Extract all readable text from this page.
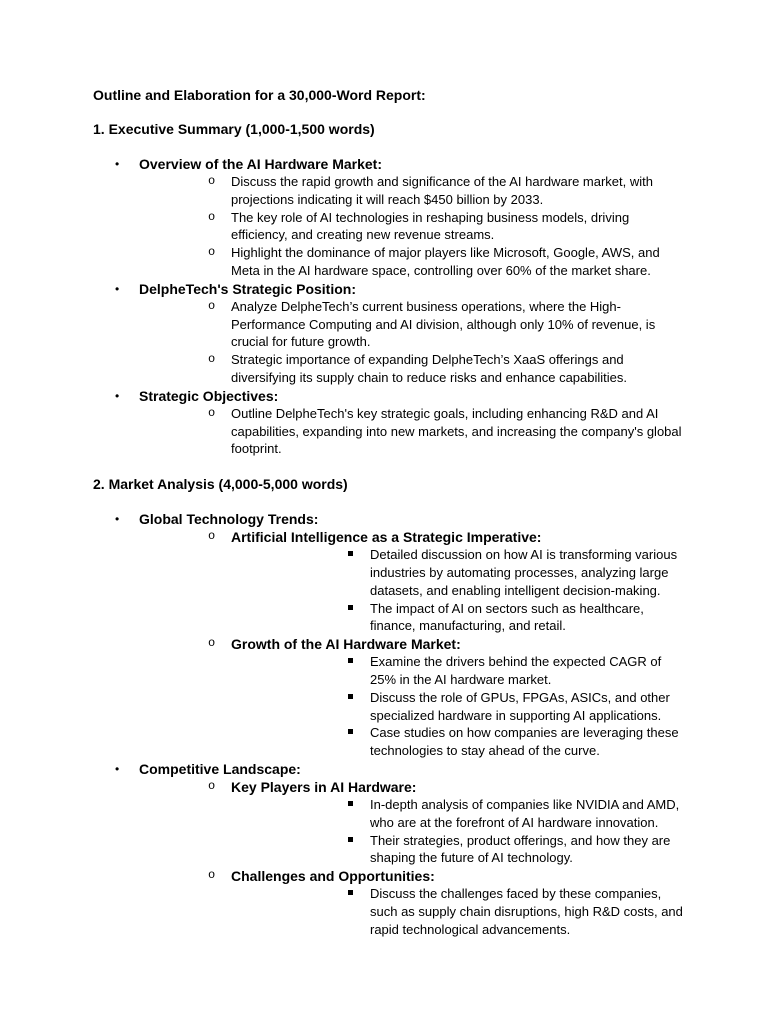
Outline and Elaboration for a 30,000-Word Report:
1. Executive Summary (1,000-1,500 words)
• Overview of the AI Hardware Market:
o Discuss the rapid growth and significance of the AI hardware market, with projections indicating it will reach $450 billion by 2033.
o The key role of AI technologies in reshaping business models, driving efficiency, and creating new revenue streams.
o Highlight the dominance of major players like Microsoft, Google, AWS, and Meta in the AI hardware space, controlling over 60% of the market share.
• DelpheTech's Strategic Position:
o Analyze DelpheTech’s current business operations, where the High-Performance Computing and AI division, although only 10% of revenue, is crucial for future growth.
o Strategic importance of expanding DelpheTech’s XaaS offerings and diversifying its supply chain to reduce risks and enhance capabilities.
• Strategic Objectives:
o Outline DelpheTech's key strategic goals, including enhancing R&D and AI capabilities, expanding into new markets, and increasing the company's global footprint.
2. Market Analysis (4,000-5,000 words)
• Global Technology Trends:
o Artificial Intelligence as a Strategic Imperative:
Detailed discussion on how AI is transforming various industries by automating processes, analyzing large datasets, and enabling intelligent decision-making.
The impact of AI on sectors such as healthcare, finance, manufacturing, and retail.
o Growth of the AI Hardware Market:
Examine the drivers behind the expected CAGR of 25% in the AI hardware market.
Discuss the role of GPUs, FPGAs, ASICs, and other specialized hardware in supporting AI applications.
Case studies on how companies are leveraging these technologies to stay ahead of the curve.
• Competitive Landscape:
o Key Players in AI Hardware:
In-depth analysis of companies like NVIDIA and AMD, who are at the forefront of AI hardware innovation.
Their strategies, product offerings, and how they are shaping the future of AI technology.
o Challenges and Opportunities:
Discuss the challenges faced by these companies, such as supply chain disruptions, high R&D costs, and rapid technological advancements.
